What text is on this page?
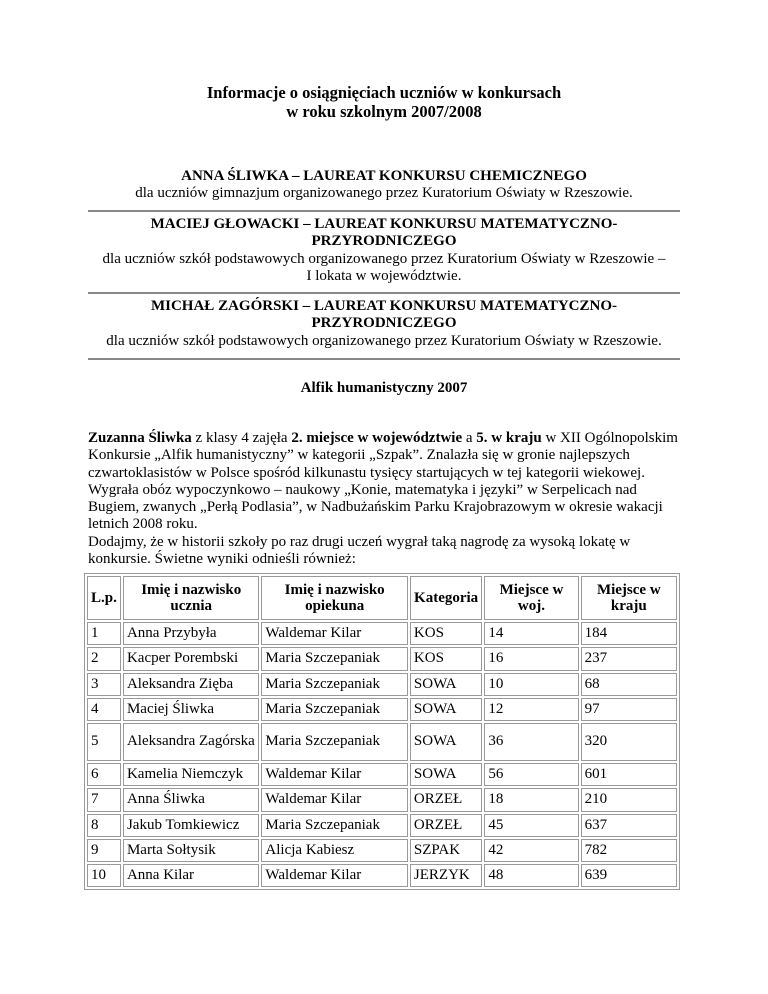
Informacje o osiągnięciach uczniów w konkursach
w roku szkolnym 2007/2008
ANNA ŚLIWKA – LAUREAT KONKURSU CHEMICZNEGO
dla uczniów gimnazjum organizowanego przez Kuratorium Oświaty w Rzeszowie.
MACIEJ GŁOWACKI – LAUREAT KONKURSU MATEMATYCZNO-
PRZYRODNICZEGO
dla uczniów szkół podstawowych organizowanego przez Kuratorium Oświaty w Rzeszowie –
I lokata w województwie.
MICHAŁ ZAGÓRSKI – LAUREAT KONKURSU MATEMATYCZNO-
PRZYRODNICZEGO
dla uczniów szkół podstawowych organizowanego przez Kuratorium Oświaty w Rzeszowie.
Alfik humanistyczny 2007

Zuzanna Śliwka z klasy 4 zajęła 2. miejsce w województwie a 5. w kraju w XII Ogólnopolskim Konkursie „Alfik humanistyczny” w kategorii „Szpak”. Znalazła się w gronie najlepszych czwartoklasistów w Polsce spośród kilkunastu tysięcy startujących w tej kategorii wiekowej. Wygrała obóz wypoczynkowo – naukowy „Konie, matematyka i języki” w Serpelicach nad Bugiem, zwanych „Perłą Podlasia”, w Nadbużańskim Parku Krajobrazowym w okresie wakacji letnich 2008 roku.

Dodajmy, że w historii szkoły po raz drugi uczeń wygrał taką nagrodę za wysoką lokatę w konkursie. Świetne wyniki odnieśli również:

L.p.	Imię i nazwisko ucznia	Imię i nazwisko opiekuna	Kategoria	Miejsce w woj.	Miejsce w kraju
1	Anna Przybyła	Waldemar Kilar	KOS	14	184
2	Kacper Porembski	Maria Szczepaniak	KOS	16	237
3	Aleksandra Zięba	Maria Szczepaniak	SOWA	10	68
4	Maciej Śliwka	Maria Szczepaniak	SOWA	12	97
5	Aleksandra Zagórska	Maria Szczepaniak	SOWA	36	320
6	Kamelia Niemczyk	Waldemar Kilar	SOWA	56	601
7	Anna Śliwka	Waldemar Kilar	ORZEŁ	18	210
8	Jakub Tomkiewicz	Maria Szczepaniak	ORZEŁ	45	637
9	Marta Sołtysik	Alicja Kabiesz	SZPAK	42	782
10	Anna Kilar	Waldemar Kilar	JERZYK	48	639
